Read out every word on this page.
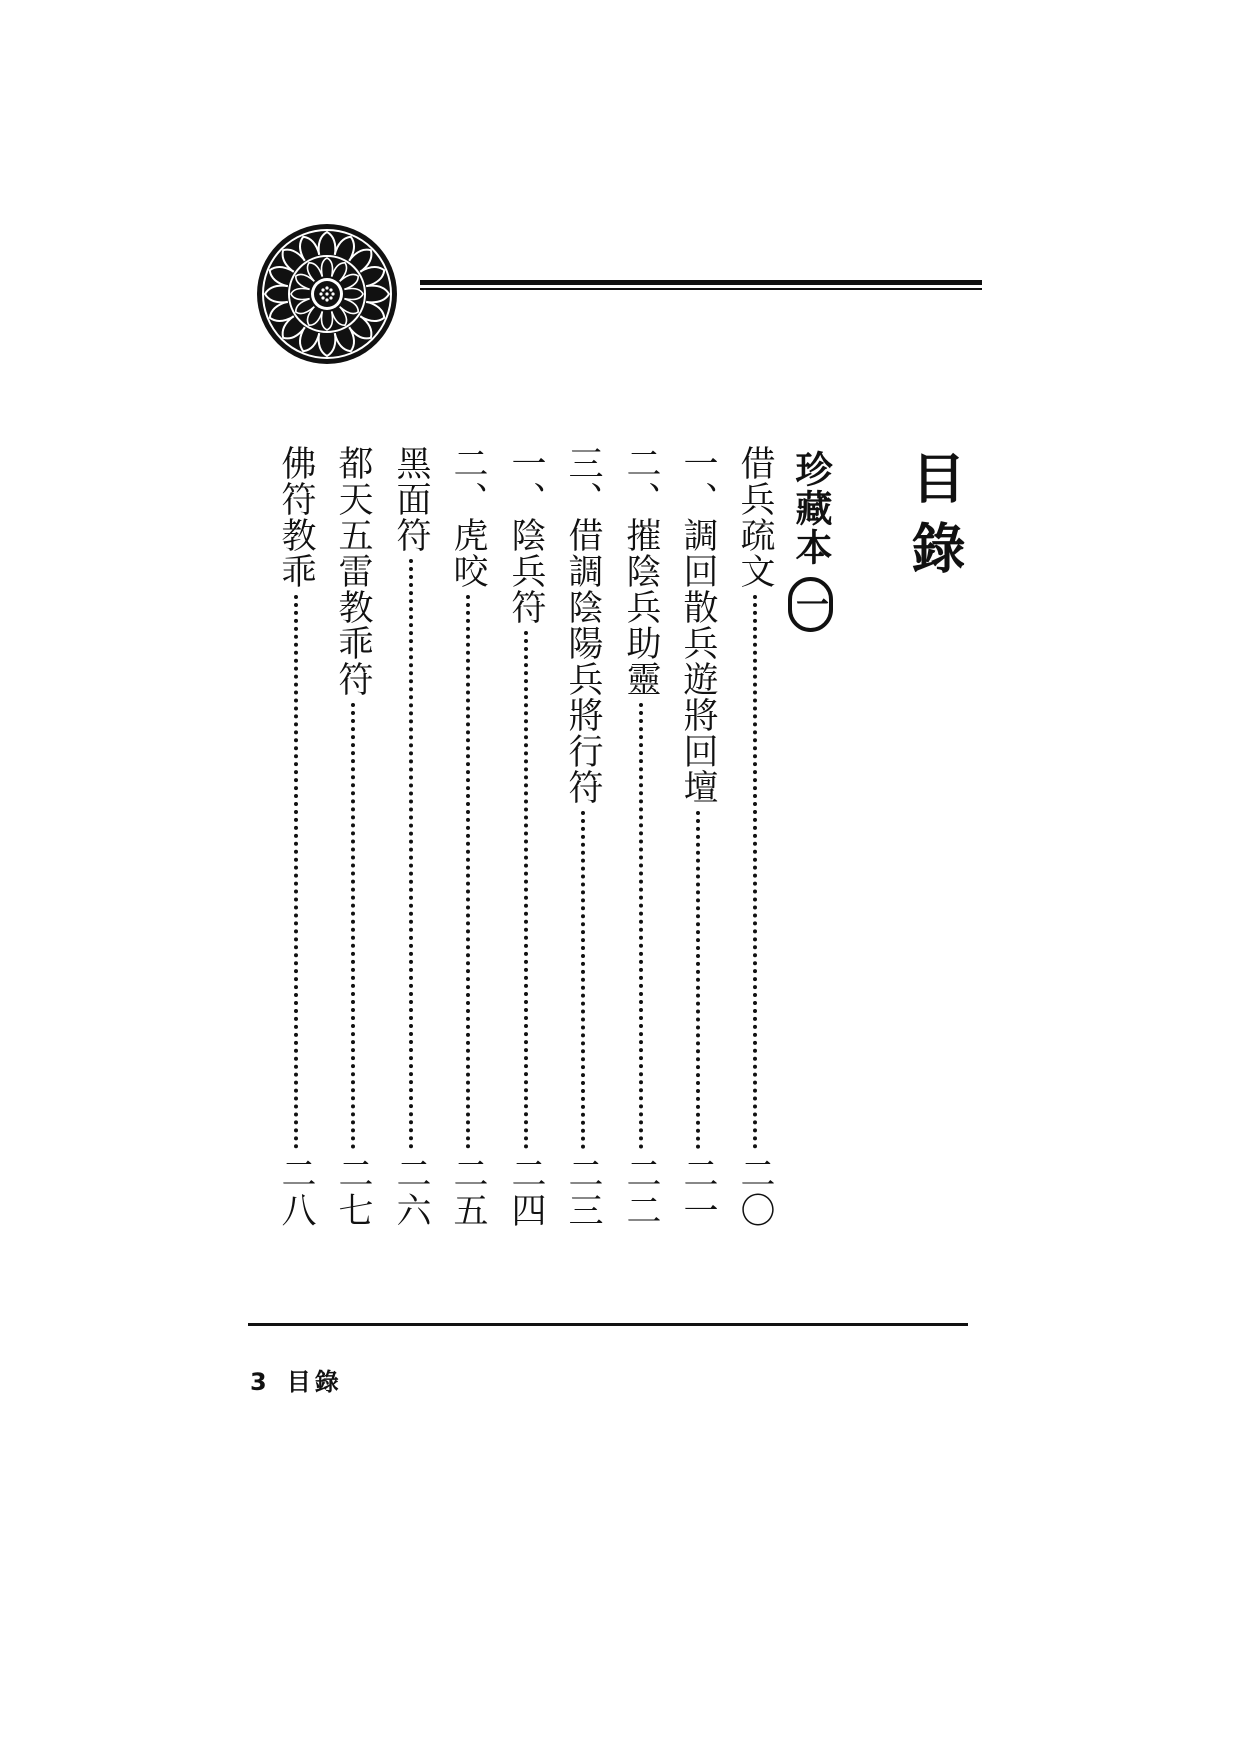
目錄
珍藏本一
借兵疏文
二〇
一、調回散兵遊將回壇
二一
二、摧陰兵助靈
二二
三、借調陰陽兵將行符
二三
一、陰兵符
二四
二、虎咬
二五
黑面符
二六
都天五雷教乖符
二七
佛符教乖
二八
3 目錄
